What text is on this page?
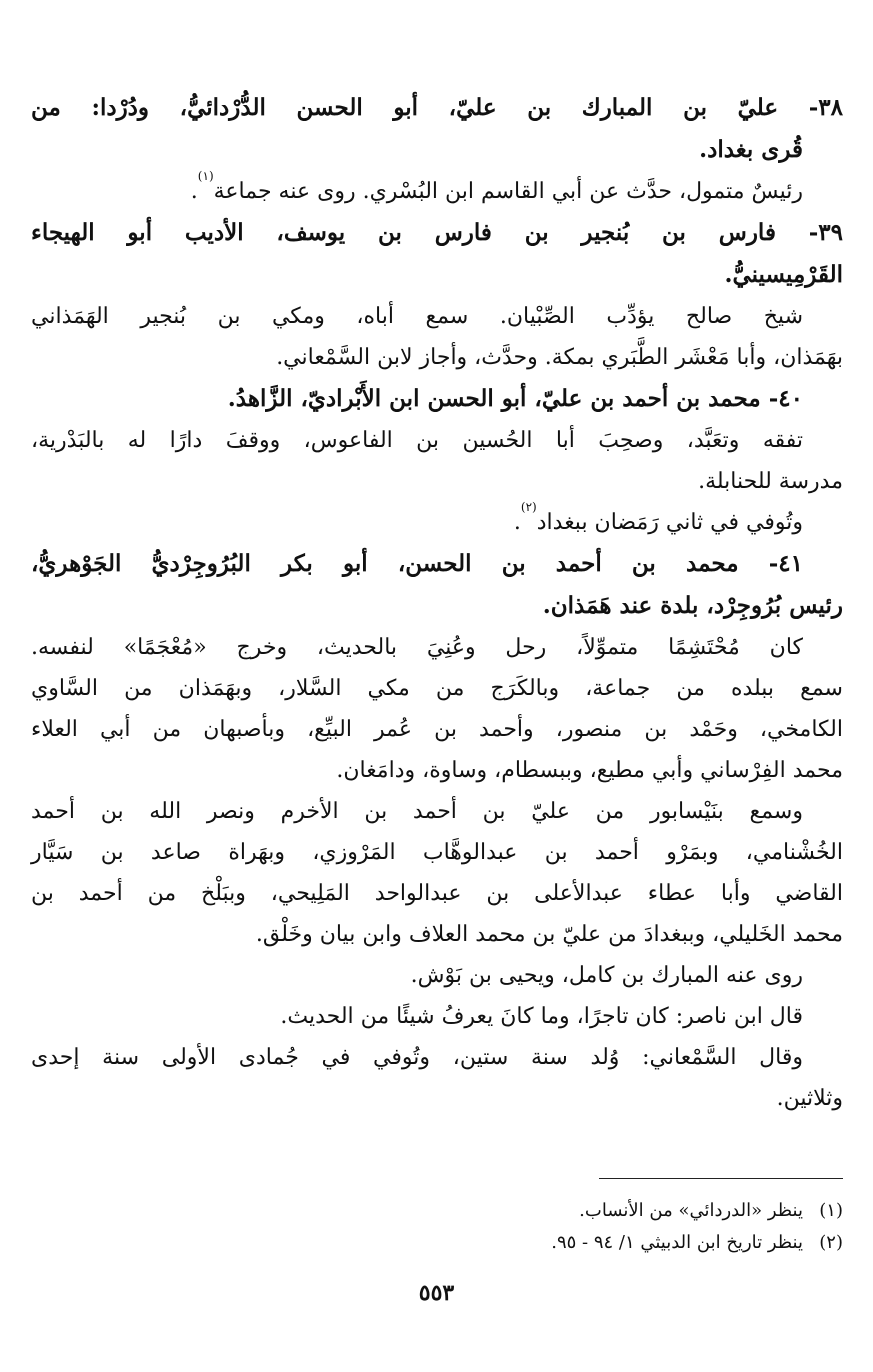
٣٨- عليّ بن المبارك بن عليّ، أبو الحسن الدُّرْدائيُّ، ودُرْدا: من

قُرى بغداد.

رئيسٌ متمول، حدَّث عن أبي القاسم ابن البُسْري. روى عنه جماعة$^{(١)}$.

٣٩- فارس بن بُنجير بن فارس بن يوسف، الأديب أبو الهيجاء

القَرْمِيسينيُّ.

شيخ صالح يؤدِّب الصِّبْيان. سمع أباه، ومكي بن بُنجير الهَمَذاني

بهَمَذان، وأبا مَعْشَر الطَّبَري بمكة. وحدَّث، وأجاز لابن السَّمْعاني.

٤٠- محمد بن أحمد بن عليّ، أبو الحسن ابن الأَبْراديّ، الزَّاهدُ.

تفقه وتعَبَّد، وصحِبَ أبا الحُسين بن الفاعوس، ووقفَ دارًا له بالبَدْرية،

مدرسة للحنابلة.

وتُوفي في ثاني رَمَضان ببغداد$^{(٢)}$.

٤١- محمد بن أحمد بن الحسن، أبو بكر البُرُوجِرْديُّ الجَوْهريُّ،

رئيس بُرُوجِرْد، بلدة عند هَمَذان.

كان مُحْتَشِمًا متموِّلاً، رحل وعُنِيَ بالحديث، وخرج «مُعْجَمًا» لنفسه.

سمع ببلده من جماعة، وبالكَرَج من مكي السَّلار، وبهَمَذان من السَّاوي

الكامخي، وحَمْد بن منصور، وأحمد بن عُمر البيِّع، وبأصبهان من أبي العلاء

محمد الفِرْساني وأبي مطيع، وببسطام، وساوة، ودامَغان.

وسمع بنَيْسابور من عليّ بن أحمد بن الأخرم ونصر الله بن أحمد

الخُشْنامي، وبمَرْو أحمد بن عبدالوهَّاب المَرْوزي، وبهَراة صاعد بن سَيَّار

القاضي وأبا عطاء عبدالأعلى بن عبدالواحد المَلِيحي، وببَلْخ من أحمد بن

محمد الخَليلي، وببغدادَ من عليّ بن محمد العلاف وابن بيان وخَلْق.

روى عنه المبارك بن كامل، ويحيى بن بَوْش.

قال ابن ناصر: كان تاجرًا، وما كانَ يعرفُ شيئًا من الحديث.

وقال السَّمْعاني: وُلد سنة ستين، وتُوفي في جُمادى الأولى سنة إحدى

وثلاثين.

(١)ينظر «الدردائي» من الأنساب.

(٢)ينظر تاريخ ابن الدبيثي ١/ ٩٤ - ٩٥.

٥٥٣
